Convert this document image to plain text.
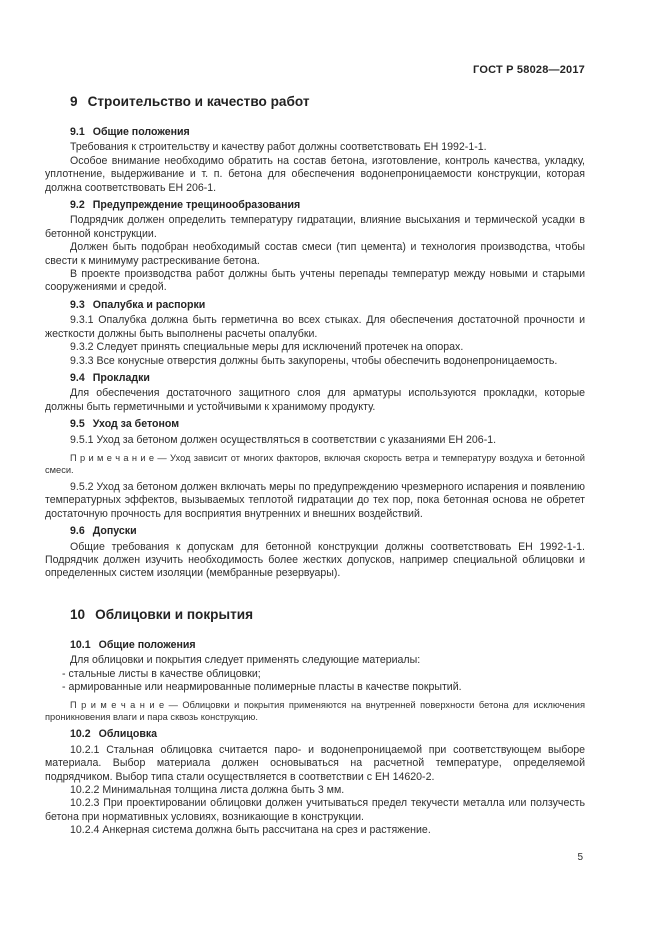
ГОСТ Р 58028—2017
9 Строительство и качество работ
9.1 Общие положения

Требования к строительству и качеству работ должны соответствовать ЕН 1992-1-1.

Особое внимание необходимо обратить на состав бетона, изготовление, контроль качества, укладку, уплотнение, выдерживание и т. п. бетона для обеспечения водонепроницаемости конструкции, которая должна соответствовать ЕН 206-1.

9.2 Предупреждение трещинообразования

Подрядчик должен определить температуру гидратации, влияние высыхания и термической усадки в бетонной конструкции.

Должен быть подобран необходимый состав смеси (тип цемента) и технология производства, чтобы свести к минимуму растрескивание бетона.

В проекте производства работ должны быть учтены перепады температур между новыми и старыми сооружениями и средой.

9.3 Опалубка и распорки

9.3.1 Опалубка должна быть герметична во всех стыках. Для обеспечения достаточной прочности и жесткости должны быть выполнены расчеты опалубки.

9.3.2 Следует принять специальные меры для исключений протечек на опорах.

9.3.3 Все конусные отверстия должны быть закупорены, чтобы обеспечить водонепроницаемость.

9.4 Прокладки

Для обеспечения достаточного защитного слоя для арматуры используются прокладки, которые должны быть герметичными и устойчивыми к хранимому продукту.

9.5 Уход за бетоном

9.5.1 Уход за бетоном должен осуществляться в соответствии с указаниями ЕН 206-1.

П р и м е ч а н и е — Уход зависит от многих факторов, включая скорость ветра и температуру воздуха и бетонной смеси.

9.5.2 Уход за бетоном должен включать меры по предупреждению чрезмерного испарения и появлению температурных эффектов, вызываемых теплотой гидратации до тех пор, пока бетонная основа не обретет достаточную прочность для восприятия внутренних и внешних воздействий.

9.6 Допуски

Общие требования к допускам для бетонной конструкции должны соответствовать ЕН 1992-1-1. Подрядчик должен изучить необходимость более жестких допусков, например специальной облицовки и определенных систем изоляции (мембранные резервуары).

10 Облицовки и покрытия
10.1 Общие положения

Для облицовки и покрытия следует применять следующие материалы:

- стальные листы в качестве облицовки;

- армированные или неармированные полимерные пласты в качестве покрытий.

П р и м е ч а н и е — Облицовки и покрытия применяются на внутренней поверхности бетона для исключения проникновения влаги и пара сквозь конструкцию.

10.2 Облицовка

10.2.1 Стальная облицовка считается паро- и водонепроницаемой при соответствующем выборе материала. Выбор материала должен основываться на расчетной температуре, определяемой подрядчиком. Выбор типа стали осуществляется в соответствии с ЕН 14620-2.

10.2.2 Минимальная толщина листа должна быть 3 мм.

10.2.3 При проектировании облицовки должен учитываться предел текучести металла или ползучесть бетона при нормативных условиях, возникающие в конструкции.

10.2.4 Анкерная система должна быть рассчитана на срез и растяжение.

5
